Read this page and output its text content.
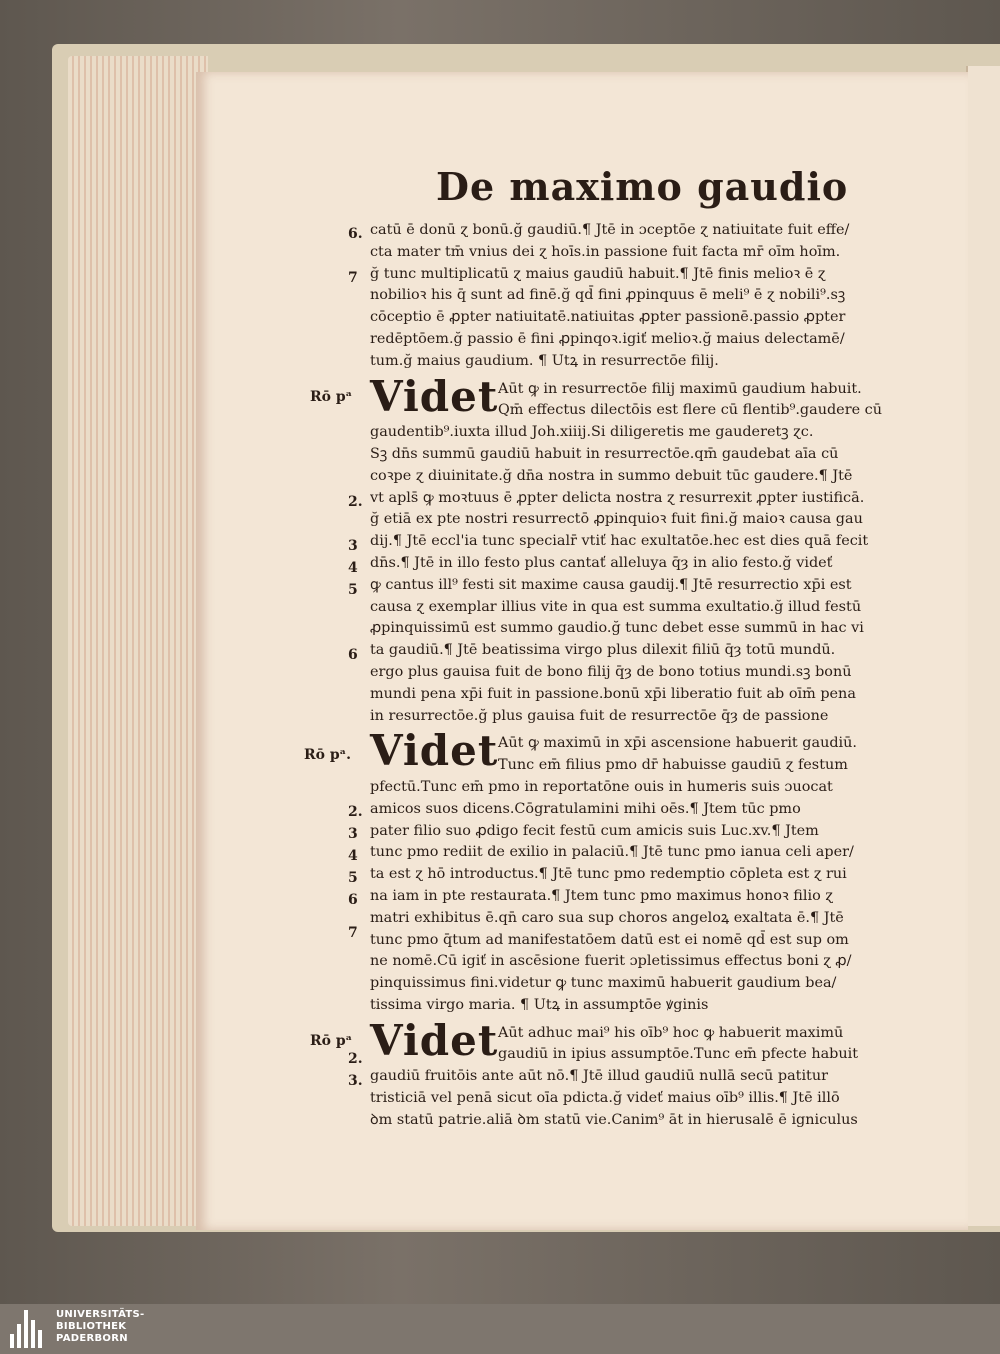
De maximo gaudio
6.
7
catū ē donū ɀ bonū.ğ gaudiū.¶ Jtē in ɔceptōe ɀ natiuitate fuit effe/
cta mater tm̄ vnius dei ɀ hoīs.in passione fuit facta mr̄ oīm hoīm.
ğ tunc multiplicatū ɀ maius gaudiū habuit.¶ Jtē finis melioꝛ ē ɀ
nobilioꝛ his q̄ sunt ad finē.ğ qd̄ fini ꝓpinquus ē meli⁹ ē ɀ nobili⁹.sꝫ
cōceptio ē ꝓpter natiuitatē.natiuitas ꝓpter passionē.passio ꝓpter
redēptōem.ğ passio ē fini ꝓpinqoꝛ.igiť melioꝛ.ğ maius delectamē/
tum.ğ maius gaudium. ¶ Utꝝ in resurrectōe filij.
Rō pᵃ Videt
2.
3
4
5
6
Aūt ꝙ in resurrectōe filij maximū gaudium habuit.
Qm̄ effectus dilectōis est flere cū flentib⁹.gaudere cū
gaudentib⁹.iuxta illud Joh.xiiij.Si diligeretis me gauderetꝫ ɀc.
Sꝫ dn̄s summū gaudiū habuit in resurrectōe.qm̄ gaudebat aīa cū
coꝛpe ɀ diuinitate.ğ dn̄a nostra in summo debuit tūc gaudere.¶ Jtē
vt apls̄ ꝙ moꝛtuus ē ꝓpter delicta nostra ɀ resurrexit ꝓpter iustificā.
ğ etiā ex pte nostri resurrectō ꝓpinquioꝛ fuit fini.ğ maioꝛ causa gau
dij.¶ Jtē eccl'ia tunc specialr̄ vtiť hac exultatōe.hec est dies quā fecit
dn̄s.¶ Jtē in illo festo plus cantať alleluya q̄ȝ in alio festo.ğ videť
ꝙ cantus ill⁹ festi sit maxime causa gaudij.¶ Jtē resurrectio xp̄i est
causa ɀ exemplar illius vite in qua est summa exultatio.ğ illud festū
ꝓpinquissimū est summo gaudio.ğ tunc debet esse summū in hac vi
ta gaudiū.¶ Jtē beatissima virgo plus dilexit filiū q̄ȝ totū mundū.
ergo plus gauisa fuit de bono filij q̄ȝ de bono totius mundi.sꝫ bonū
mundi pena xp̄i fuit in passione.bonū xp̄i liberatio fuit ab oīm̄ pena
in resurrectōe.ğ plus gauisa fuit de resurrectōe q̄ȝ de passione
Rō pᵃ. Videt
2.
3
4
5
6
7
Aūt ꝙ maximū in xp̄i ascensione habuerit gaudiū.
Tunc em̄ filius pmo dr̄ habuisse gaudiū ɀ festum
pfectū.Tunc em̄ pmo in reportatōne ouis in humeris suis ɔuocat
amicos suos dicens.Cōgratulamini mihi oēs.¶ Jtem tūc pmo
pater filio suo ꝓdigo fecit festū cum amicis suis Luc.xv.¶ Jtem
tunc pmo rediit de exilio in palaciū.¶ Jtē tunc pmo ianua celi aper/
ta est ɀ hō introductus.¶ Jtē tunc pmo redemptio cōpleta est ɀ rui
na iam in pte restaurata.¶ Jtem tunc pmo maximus honoꝛ filio ɀ
matri exhibitus ē.qn̄ caro sua sup choros angeloꝝ exaltata ē.¶ Jtē
tunc pmo q̄tum ad manifestatōem datū est ei nomē qd̄ est sup om
ne nomē.Cū igiť in ascēsione fuerit ɔpletissimus effectus boni ɀ ꝓ/
pinquissimus fini.videtur ꝙ tunc maximū habuerit gaudium bea/
tissima virgo maria. ¶ Utꝝ in assumptōe ꝟginis
Rō pᵃ Videt
2.
3.
Aūt adhuc mai⁹ his oīb⁹ hoc ꝙ habuerit maximū
gaudiū in ipius assumptōe.Tunc em̄ pfecte habuit
gaudiū fruitōis ante aūt nō.¶ Jtē illud gaudiū nullā secū patitur
tristiciā vel penā sicut oīa pdicta.ğ videť maius oīb⁹ illis.¶ Jtē illō
ꝺm statū patrie.aliā ꝺm statū vie.Canim⁹ āt in hierusalē ē igniculus
UNIVERSITÄTS-
BIBLIOTHEK
PADERBORN
